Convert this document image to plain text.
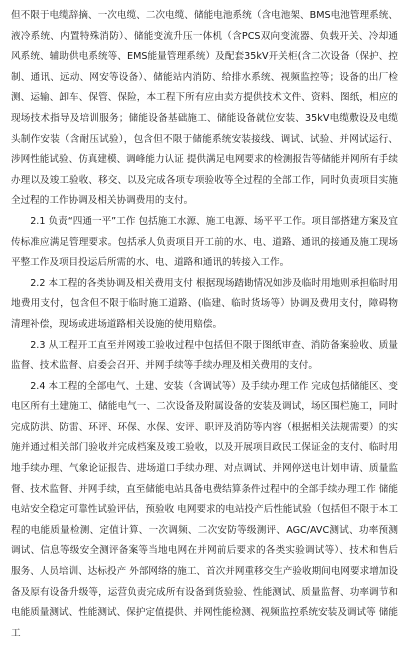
但不限于电缆辞摘、一次电缆、二次电缆、储能电池系统（含电池架、BMS电池管理系统、液冷系统、内置特殊消防）、储能变流升压一体机（含PCS双向变流器、负载开关、冷却通风系统、辅助供电系统等、EMS能量管理系统）及配套35kV开关柜(含二次设备（保护、控制、通讯、远动、网安等设备）、储能站内消防、给排水系统、视频监控等；设备的出厂检测、运输、卸车、保管、保险，本工程下所有应由卖方提供技术文件、资料、图纸，相应的现场技术指导及培训服务；储能设备基础施工、储能设备就位安装、35kV电缆敷设及电缆头制作安装（含耐压试验），包含但不限于储能系统安装接线、调试、试验、并网试运行、涉网性能试验、仿真建模、调峰能力认证 提供满足电网要求的检测报告等储能并网所有手续办理以及竣工验收、移交、以及完成各项专项验收等全过程的全部工作，同时负责项目实施全过程的工作协调及相关协调费用的支付。

2.1 负责“四通一平”工作 包括施工水源、施工电源、场平平工作。项目部搭建方案及宜传标准应满足管理要求。包括承人负责项目开工前的水、电、道路、通讯的接通及施工现场平整工作及项目投运后所需的水、电、道路和通讯的转接入工作。

2.2 本工程的各类协调及相关费用支付 根据现场踏勘情况如涉及临时用地则承担临时用地费用支付，包含但不限于临时施工道路、(临建、临时货场等）协调及费用支付，障碍物清理补偿，现场或进场道路相关设施的使用赔偿。

2.3 从工程开工直至并网竣工验收过程中包括但不限于图纸审查、消防备案验收、质量监督、技术监督、启委会召开、并网手续等手续办理及相关费用的支付。

2.4 本工程的全部电气、土建、安装（含调试等）及手续办理工作 完成包括储能区、变电区所有土建施工、储能电气一、二次设备及附属设备的安装及调试，场区围栏施工，同时完成防洪、防雷、环评、环保、水保、安评、职评及消防等内容（根据相关法规需要）的实施并通过相关部门验收并完成档案及竣工验收，以及开展项目政民工保证金的支付、临时用地手续办理、气象论证报告、进场道口手续办理、对点调试、并网停送电计划申请、质量监督、技术监督、并网手续，直至储能电站具备电费结算条件过程中的全部手续办理工作 储能电站安全稳定可靠性试验评估，预验收 电网要求的电站投产后性能试验（包括但不限于本工程的电能质量检测、定值计算、一次调频、二次安防等级测评、AGC/AVC测试、功率预测调试、信息等级安全测评备案等当地电网在并网前后要求的各类实验调试等）、技术和售后服务、人员培训、达标投产 外部网络的施工、首次并网重移交生产验收期间电网要求增加设备及原有设备升级等，运营负责完成所有设备到货验验、性能测试、质量监督、功率调节和电能质量测试、性能测试、保护定值提供、并网性能检测、视频监控系统安装及调试等 储能工
